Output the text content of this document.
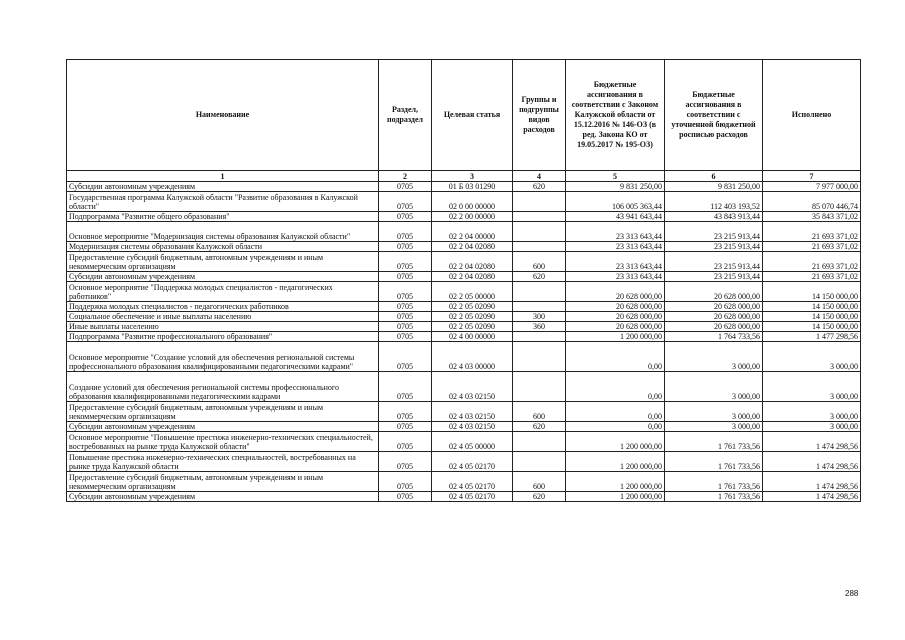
Наименование	Раздел, подраздел	Целевая статья	Группы и подгруппы видов расходов	Бюджетные ассигнования в соответствии с Законом Калужской области от 15.12.2016 № 146-ОЗ (в ред. Закона КО от 19.05.2017 № 195-ОЗ)	Бюджетные ассигнования в соответствии с уточненной бюджетной росписью расходов	Исполнено
1	2	3	4	5	6	7
Субсидии автономным учреждениям	0705	01 Б 03 01290	620	9 831 250,00	9 831 250,00	7 977 000,00
Государственная программа Калужской области "Развитие образования в Калужской области"	0705	02 0 00 00000		106 005 363,44	112 403 193,52	85 070 446,74
Подпрограмма "Развитие общего образования"	0705	02 2 00 00000		43 941 643,44	43 843 913,44	35 843 371,02
Основное мероприятие "Модернизация системы образования Калужской области"	0705	02 2 04 00000		23 313 643,44	23 215 913,44	21 693 371,02
Модернизация системы образования Калужской области	0705	02 2 04 02080		23 313 643,44	23 215 913,44	21 693 371,02
Предоставление субсидий бюджетным, автономным учреждениям и иным некоммерческим организациям	0705	02 2 04 02080	600	23 313 643,44	23 215 913,44	21 693 371,02
Субсидии автономным учреждениям	0705	02 2 04 02080	620	23 313 643,44	23 215 913,44	21 693 371,02
Основное мероприятие "Поддержка молодых специалистов - педагогических работников"	0705	02 2 05 00000		20 628 000,00	20 628 000,00	14 150 000,00
Поддержка молодых специалистов - педагогических работников	0705	02 2 05 02090		20 628 000,00	20 628 000,00	14 150 000,00
Социальное обеспечение и иные выплаты населению	0705	02 2 05 02090	300	20 628 000,00	20 628 000,00	14 150 000,00
Иные выплаты населению	0705	02 2 05 02090	360	20 628 000,00	20 628 000,00	14 150 000,00
Подпрограмма "Развитие профессионального образования"	0705	02 4 00 00000		1 200 000,00	1 764 733,56	1 477 298,56
Основное мероприятие "Создание условий для обеспечения региональной системы профессионального образования квалифицированными педагогическими кадрами"	0705	02 4 03 00000		0,00	3 000,00	3 000,00
Создание условий для обеспечения региональной системы профессионального образования квалифицированными педагогическими кадрами	0705	02 4 03 02150		0,00	3 000,00	3 000,00
Предоставление субсидий бюджетным, автономным учреждениям и иным некоммерческим организациям	0705	02 4 03 02150	600	0,00	3 000,00	3 000,00
Субсидии автономным учреждениям	0705	02 4 03 02150	620	0,00	3 000,00	3 000,00
Основное мероприятие "Повышение престижа инженерно-технических специальностей, востребованных на рынке труда Калужской области"	0705	02 4 05 00000		1 200 000,00	1 761 733,56	1 474 298,56
Повышение престижа инженерно-технических специальностей, востребованных на рынке труда Калужской области	0705	02 4 05 02170		1 200 000,00	1 761 733,56	1 474 298,56
Предоставление субсидий бюджетным, автономным учреждениям и иным некоммерческим организациям	0705	02 4 05 02170	600	1 200 000,00	1 761 733,56	1 474 298,56
Субсидии автономным учреждениям	0705	02 4 05 02170	620	1 200 000,00	1 761 733,56	1 474 298,56
288
